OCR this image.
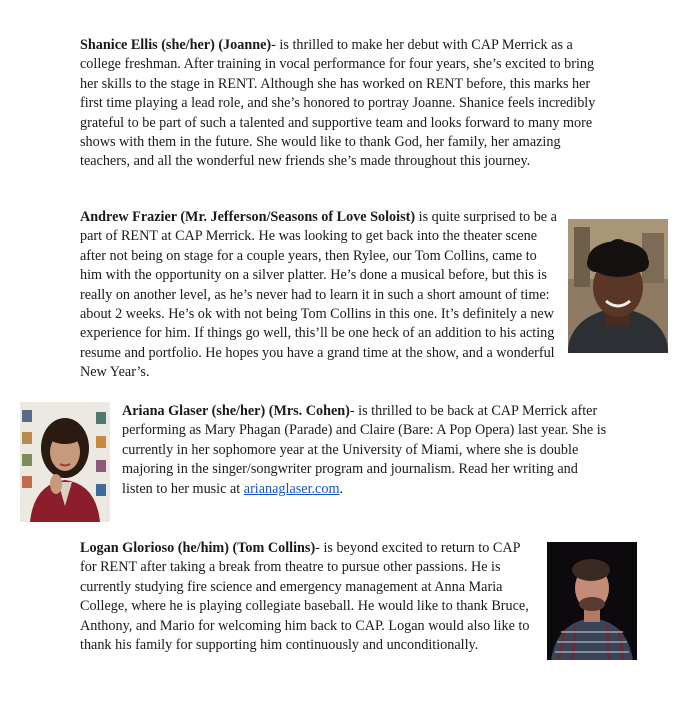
Shanice Ellis (she/her) (Joanne)- is thrilled to make her debut with CAP Merrick as a college freshman. After training in vocal performance for four years, she’s excited to bring her skills to the stage in RENT. Although she has worked on RENT before, this marks her first time playing a lead role, and she’s honored to portray Joanne. Shanice feels incredibly grateful to be part of such a talented and supportive team and looks forward to many more shows with them in the future. She would like to thank God, her family, her amazing teachers, and all the wonderful new friends she’s made throughout this journey.

Andrew Frazier (Mr. Jefferson/Seasons of Love Soloist) is quite surprised to be a part of RENT at CAP Merrick. He was looking to get back into the theater scene after not being on stage for a couple years, then Rylee, our Tom Collins, came to him with the opportunity on a silver platter. He’s done a musical before, but this is really on another level, as he’s never had to learn it in such a short amount of time: about 2 weeks. He’s ok with not being Tom Collins in this one. It’s definitely a new experience for him. If things go well, this’ll be one heck of an addition to his acting resume and portfolio. He hopes you have a grand time at the show, and a wonderful New Year’s.

Ariana Glaser (she/her) (Mrs. Cohen)- is thrilled to be back at CAP Merrick after performing as Mary Phagan (Parade) and Claire (Bare: A Pop Opera) last year. She is currently in her sophomore year at the University of Miami, where she is double majoring in the singer/songwriter program and journalism. Read her writing and listen to her music at arianaglaser.com.

Logan Glorioso (he/him) (Tom Collins)- is beyond excited to return to CAP for RENT after taking a break from theatre to pursue other passions. He is currently studying fire science and emergency management at Anna Maria College, where he is playing collegiate baseball. He would like to thank Bruce, Anthony, and Mario for welcoming him back to CAP. Logan would also like to thank his family for supporting him continuously and unconditionally.
